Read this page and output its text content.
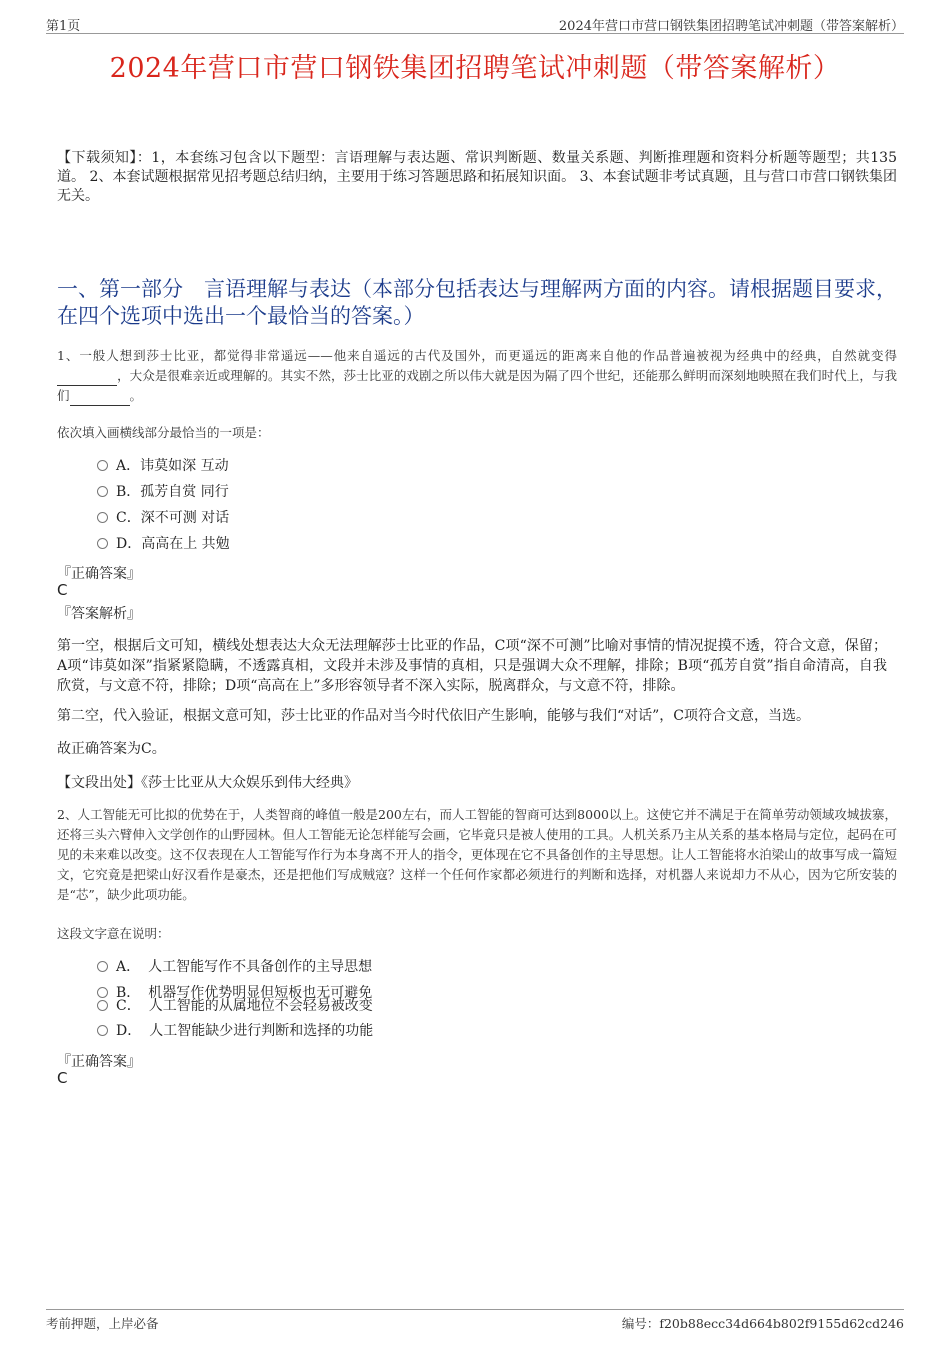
第1页	2024年营口市营口钢铁集团招聘笔试冲刺题（带答案解析）
2024年营口市营口钢铁集团招聘笔试冲刺题（带答案解析）
【下载须知】：1，本套练习包含以下题型：言语理解与表达题、常识判断题、数量关系题、判断推理题和资料分析题等题型；共135道。 2、本套试题根据常见招考题总结归纳，主要用于练习答题思路和拓展知识面。 3、本套试题非考试真题，且与营口市营口钢铁集团无关。
一、第一部分　言语理解与表达（本部分包括表达与理解两方面的内容。请根据题目要求，在四个选项中选出一个最恰当的答案。）
1、一般人想到莎士比亚，都觉得非常遥远——他来自遥远的古代及国外，而更遥远的距离来自他的作品普遍被视为经典中的经典，自然就变得，大众是很难亲近或理解的。其实不然，莎士比亚的戏剧之所以伟大就是因为隔了四个世纪，还能那么鲜明而深刻地映照在我们时代上，与我们	。
依次填入画横线部分最恰当的一项是：
A．讳莫如深 互动
B．孤芳自赏 同行
C．深不可测 对话
D．高高在上 共勉
『正确答案』
C
『答案解析』
第一空，根据后文可知，横线处想表达大众无法理解莎士比亚的作品，C项“深不可测”比喻对事情的情况捉摸不透，符合文意，保留；A项“讳莫如深”指紧紧隐瞒，不透露真相，文段并未涉及事情的真相，只是强调大众不理解，排除；B项“孤芳自赏”指自命清高，自我欣赏，与文意不符，排除；D项“高高在上”多形容领导者不深入实际，脱离群众，与文意不符，排除。
第二空，代入验证，根据文意可知，莎士比亚的作品对当今时代依旧产生影响，能够与我们“对话”，C项符合文意，当选。
故正确答案为C。
【文段出处】《莎士比亚从大众娱乐到伟大经典》
2、人工智能无可比拟的优势在于，人类智商的峰值一般是200左右，而人工智能的智商可达到8000以上。这使它并不满足于在简单劳动领域攻城拔寨，还将三头六臂伸入文学创作的山野园林。但人工智能无论怎样能写会画，它毕竟只是被人使用的工具。人机关系乃主从关系的基本格局与定位，起码在可见的未来难以改变。这不仅表现在人工智能写作行为本身离不开人的指令，更体现在它不具备创作的主导思想。让人工智能将水泊梁山的故事写成一篇短文，它究竟是把梁山好汉看作是豪杰，还是把他们写成贼寇？这样一个任何作家都必须进行的判断和选择，对机器人来说却力不从心，因为它所安装的是“芯”，缺少此项功能。
这段文字意在说明：
A． 人工智能写作不具备创作的主导思想
B． 机器写作优势明显但短板也无可避免
C． 人工智能的从属地位不会轻易被改变
D． 人工智能缺少进行判断和选择的功能
『正确答案』
C
考前押题，上岸必备	编号：f20b88ecc34d664b802f9155d62cd246
